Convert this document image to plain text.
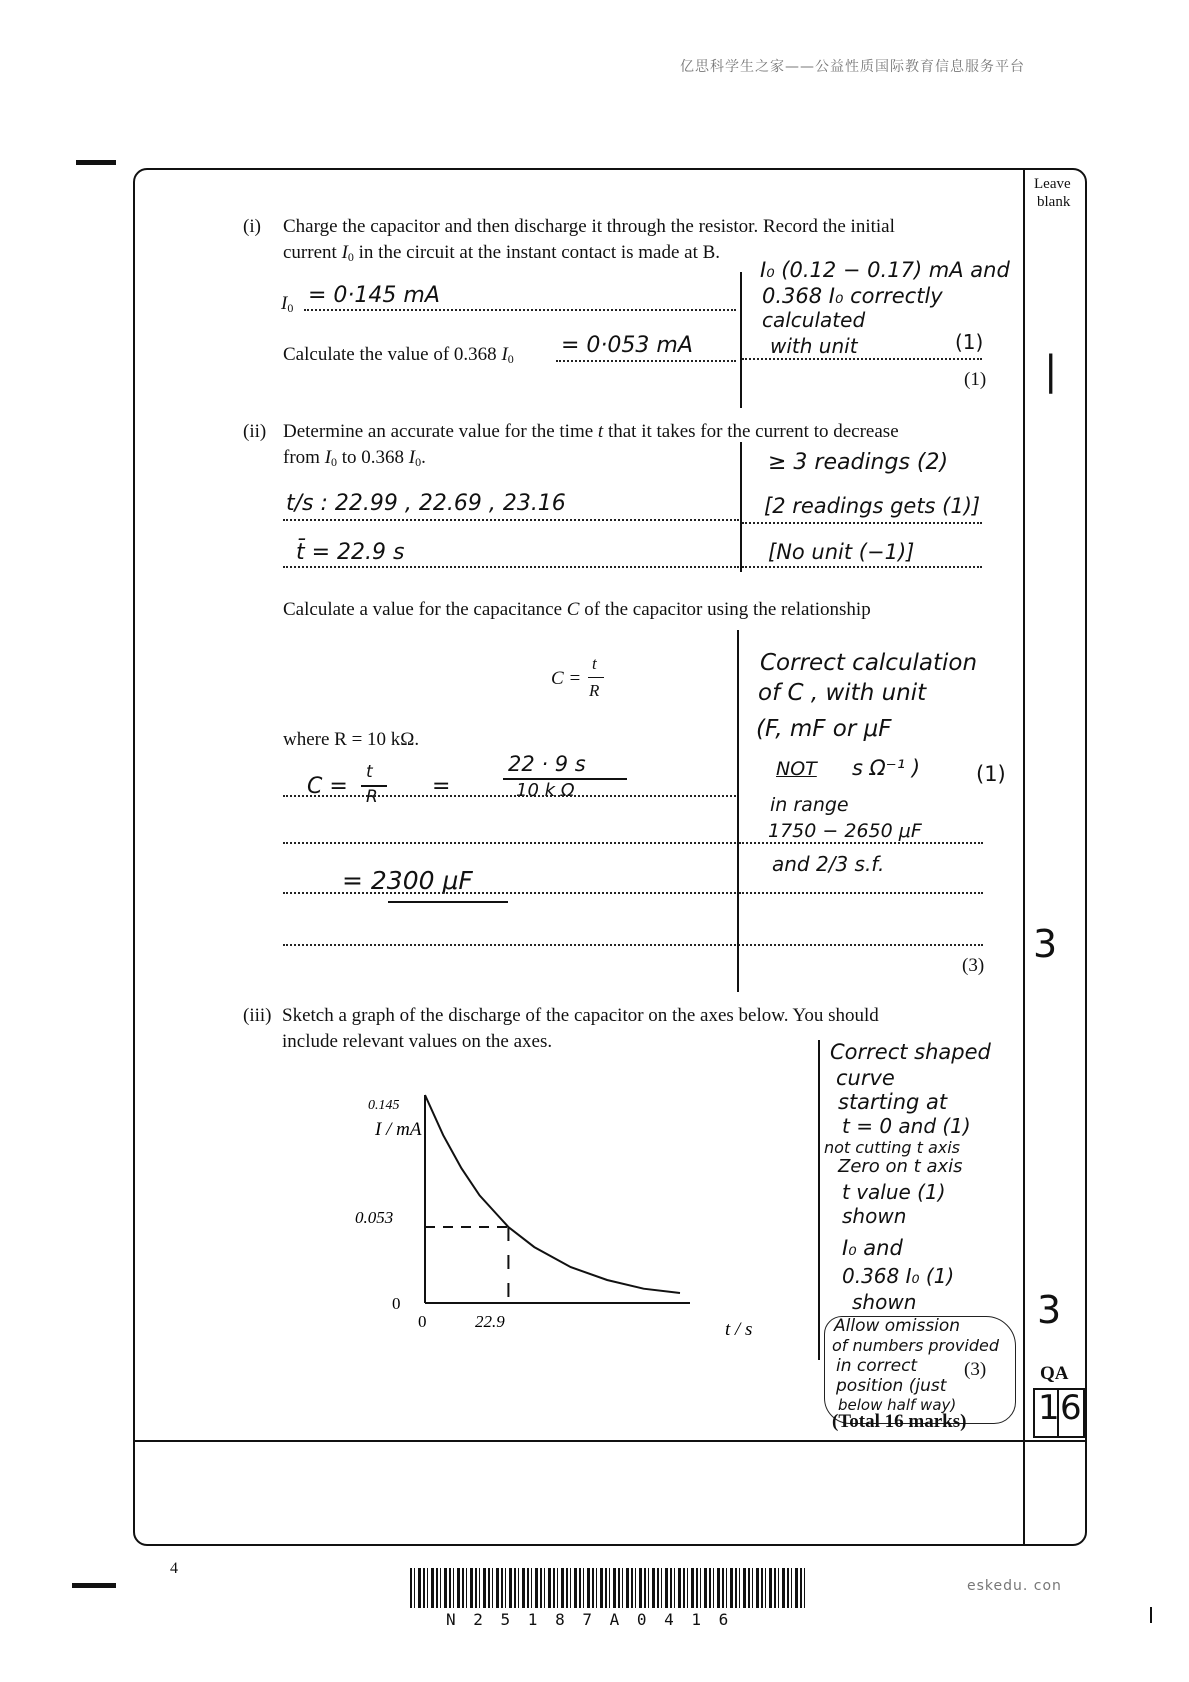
亿思科学生之家——公益性质国际教育信息服务平台
Leave
blank
|
3
3
QA
1 6
(i) Charge the capacitor and then discharge it through the resistor. Record the initial
current $I_0$ in the circuit at the instant contact is made at B.
$I_0 = 0\cdot 145$ mA
Calculate the value of 0.368 $I_0$
= 0·053 mA
I₀ (0.12 − 0.17) mA and
0.368 I₀ correctly
calculated
with unit	(1)
(1)
(ii) Determine an accurate value for the time t that it takes for the current to decrease
from $I_0$ to 0.368 $I_0$.
t/s : 22.99 , 22.69 , 23.16
t̄ = 22.9 s
≥ 3 readings (2)
[2 readings gets (1)]
[No unit (−1)]
Calculate a value for the capacitance C of the capacitor using the relationship
C =
t
R
where R = 10 kΩ.
C =
t
R =
22 · 9 s
10 k Ω
= 2300 μF
Correct calculation
of C , with unit
(F, mF or μF
NOT s Ω⁻¹ )	(1)
in range
1750 − 2650 μF
and 2/3 s.f.
(3)
(iii) Sketch a graph of the discharge of the capacitor on the axes below. You should
include relevant values on the axes.
I / mA
t / s
0.145
0.053
0
0	22.9
Correct shaped
curve
starting at
t = 0 and (1)
not cutting t axis
Zero on t axis
t value (1)
shown
I₀ and
0.368 I₀ (1)
shown
Allow omission
of numbers provided
in correct (3)
position (just
below half way)
(Total 16 marks)
4
N 2 5 1 8 7 A 0 4 1 6
eskedu. con
